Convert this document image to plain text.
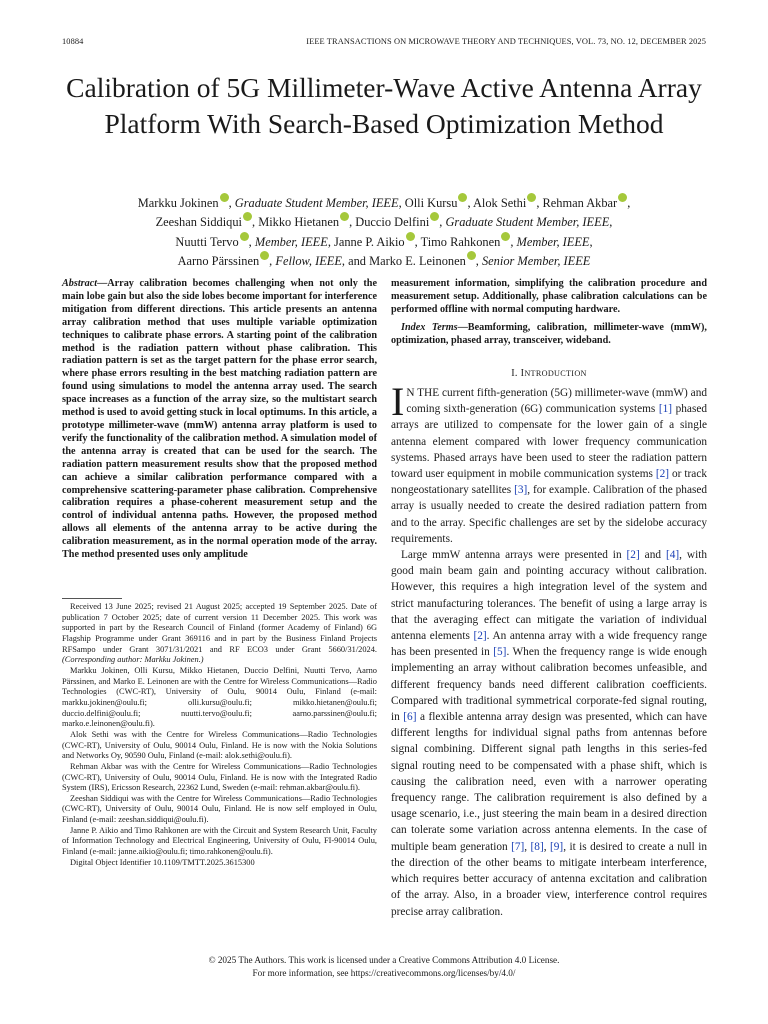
10884	IEEE TRANSACTIONS ON MICROWAVE THEORY AND TECHNIQUES, VOL. 73, NO. 12, DECEMBER 2025
Calibration of 5G Millimeter-Wave Active Antenna Array Platform With Search-Based Optimization Method
Markku Jokinen , Graduate Student Member, IEEE, Olli Kursu , Alok Sethi , Rehman Akbar ,
Zeeshan Siddiqui , Mikko Hietanen , Duccio Delfini , Graduate Student Member, IEEE,
Nuutti Tervo , Member, IEEE, Janne P. Aikio , Timo Rahkonen , Member, IEEE,
Aarno Pärssinen , Fellow, IEEE, and Marko E. Leinonen , Senior Member, IEEE
Abstract—Array calibration becomes challenging when not only the main lobe gain but also the side lobes become important for interference mitigation from different directions. This article presents an antenna array calibration method that uses multiple variable optimization techniques to calibrate phase errors. A starting point of the calibration method is the radiation pattern without phase calibration. This radiation pattern is set as the target pattern for the phase error search, where phase errors resulting in the best matching radiation pattern are found using simulations to model the antenna array used. The search space increases as a function of the array size, so the multistart search method is used to avoid getting stuck in local optimums. In this article, a prototype millimeter-wave (mmW) antenna array platform is used to verify the functionality of the calibration method. A simulation model of the antenna array is created that can be used for the search. The radiation pattern measurement results show that the proposed method can achieve a similar calibration performance compared with a comprehensive scattering-parameter phase calibration. Comprehensive calibration requires a phase-coherent measurement setup and the control of individual antenna paths. However, the proposed method allows all elements of the antenna array to be active during the calibration measurement, as in the normal operation mode of the array. The method presented uses only amplitude

Received 13 June 2025; revised 21 August 2025; accepted 19 September 2025. Date of publication 7 October 2025; date of current version 11 December 2025. This work was supported in part by the Research Council of Finland (former Academy of Finland) 6G Flagship Programme under Grant 369116 and in part by the Business Finland Projects RFSampo under Grant 3071/31/2021 and RF ECO3 under Grant 5660/31/2024. (Corresponding author: Markku Jokinen.)

Markku Jokinen, Olli Kursu, Mikko Hietanen, Duccio Delfini, Nuutti Tervo, Aarno Pärssinen, and Marko E. Leinonen are with the Centre for Wireless Communications—Radio Technologies (CWC-RT), University of Oulu, 90014 Oulu, Finland (e-mail: markku.jokinen@oulu.fi; olli.kursu@oulu.fi; mikko.hietanen@oulu.fi; duccio.delfini@oulu.fi; nuutti.tervo@oulu.fi; aarno.parssinen@oulu.fi; marko.e.leinonen@oulu.fi).

Alok Sethi was with the Centre for Wireless Communications—Radio Technologies (CWC-RT), University of Oulu, 90014 Oulu, Finland. He is now with the Nokia Solutions and Networks Oy, 90590 Oulu, Finland (e-mail: alok.sethi@oulu.fi).

Rehman Akbar was with the Centre for Wireless Communications—Radio Technologies (CWC-RT), University of Oulu, 90014 Oulu, Finland. He is now with the Integrated Radio System (IRS), Ericsson Research, 22362 Lund, Sweden (e-mail: rehman.akbar@oulu.fi).

Zeeshan Siddiqui was with the Centre for Wireless Communications—Radio Technologies (CWC-RT), University of Oulu, 90014 Oulu, Finland. He is now self employed in Oulu, Finland (e-mail: zeeshan.siddiqui@oulu.fi).

Janne P. Aikio and Timo Rahkonen are with the Circuit and System Research Unit, Faculty of Information Technology and Electrical Engineering, University of Oulu, FI-90014 Oulu, Finland (e-mail: janne.aikio@oulu.fi; timo.rahkonen@oulu.fi).

Digital Object Identifier 10.1109/TMTT.2025.3615300

measurement information, simplifying the calibration procedure and measurement setup. Additionally, phase calibration calculations can be performed offline with normal computing hardware.
Index Terms—Beamforming, calibration, millimeter-wave (mmW), optimization, phased array, transceiver, wideband.
I. INTRODUCTION

I N THE current fifth-generation (5G) millimeter-wave (mmW) and coming sixth-generation (6G) communication systems [1] phased arrays are utilized to compensate for the lower gain of a single antenna element compared with lower frequency communication systems. Phased arrays have been used to steer the radiation pattern toward user equipment in mobile communication systems [2] or track nongeostationary satellites [3], for example. Calibration of the phased array is usually needed to create the desired radiation pattern from and to the array. Specific challenges are set by the sidelobe accuracy requirements.

Large mmW antenna arrays were presented in [2] and [4], with good main beam gain and pointing accuracy without calibration. However, this requires a high integration level of the system and strict manufacturing tolerances. The benefit of using a large array is that the averaging effect can mitigate the variation of individual antenna elements [2]. An antenna array with a wide frequency range has been presented in [5]. When the frequency range is wide enough implementing an array without calibration becomes unfeasible, and different frequency bands need different calibration coefficients. Compared with traditional symmetrical corporate-fed signal routing, in [6] a flexible antenna array design was presented, which can have different lengths for individual signal paths from antennas before signal combining. Different signal path lengths in this series-fed signal routing need to be compensated with a phase shift, which is causing the calibration need, even with a narrower operating frequency range. The calibration requirement is also defined by a usage scenario, i.e., just steering the main beam in a desired direction can tolerate some variation across antenna elements. In the case of multiple beam generation [7], [8], [9], it is desired to create a null in the direction of the other beams to mitigate interbeam interference, which requires better accuracy of antenna excitation and calibration of the array. Also, in a broader view, interference control requires precise array calibration.

© 2025 The Authors. This work is licensed under a Creative Commons Attribution 4.0 License.
For more information, see https://creativecommons.org/licenses/by/4.0/
